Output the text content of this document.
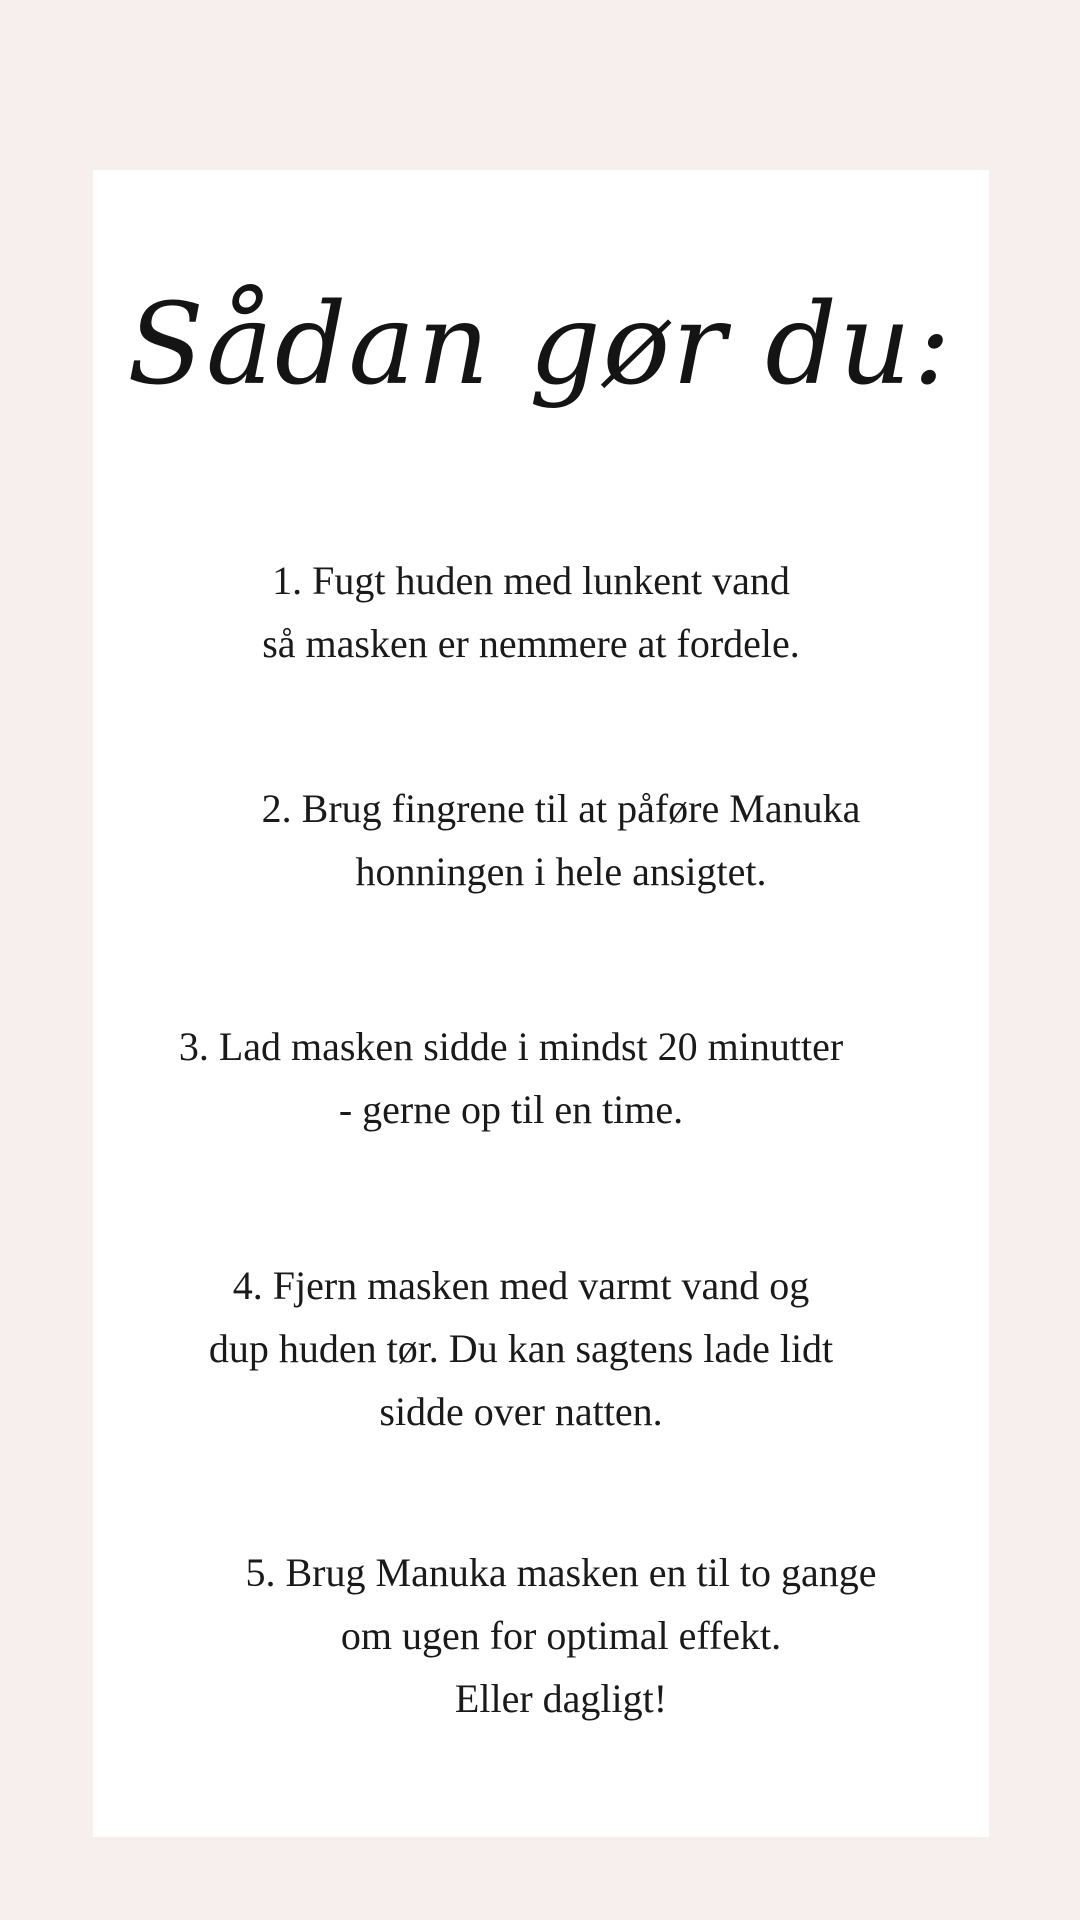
Sådan gør du:
1. Fugt huden med lunkent vand
så masken er nemmere at fordele.
2. Brug fingrene til at påføre Manuka
honningen i hele ansigtet.
3. Lad masken sidde i mindst 20 minutter
- gerne op til en time.
4. Fjern masken med varmt vand og
dup huden tør. Du kan sagtens lade lidt
sidde over natten.
5. Brug Manuka masken en til to gange
om ugen for optimal effekt.
Eller dagligt!
